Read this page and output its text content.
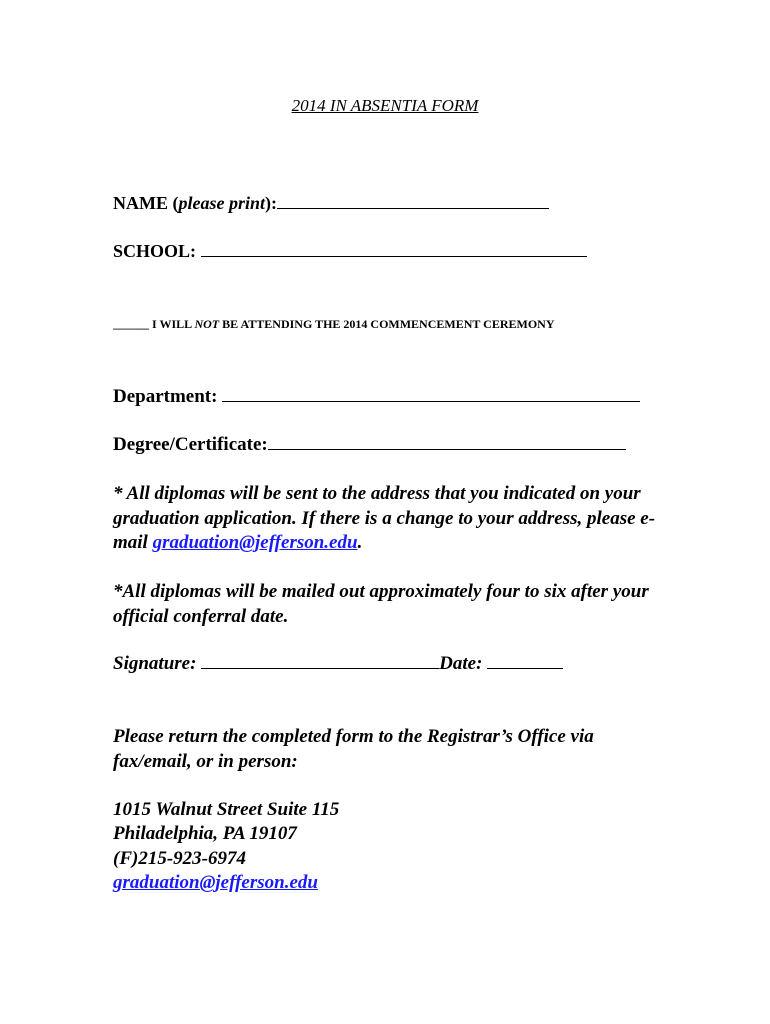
2014 IN ABSENTIA FORM
NAME (please print):
SCHOOL:
______ I WILL NOT BE ATTENDING THE 2014 COMMENCEMENT CEREMONY
Department:
Degree/Certificate:
* All diplomas will be sent to the address that you indicated on your graduation application. If there is a change to your address, please e-mail graduation@jefferson.edu.
*All diplomas will be mailed out approximately four to six after your official conferral date.
Signature:	Date:
Please return the completed form to the Registrar’s Office via fax/email, or in person:
1015 Walnut Street Suite 115
Philadelphia, PA 19107
(F)215-923-6974
graduation@jefferson.edu
